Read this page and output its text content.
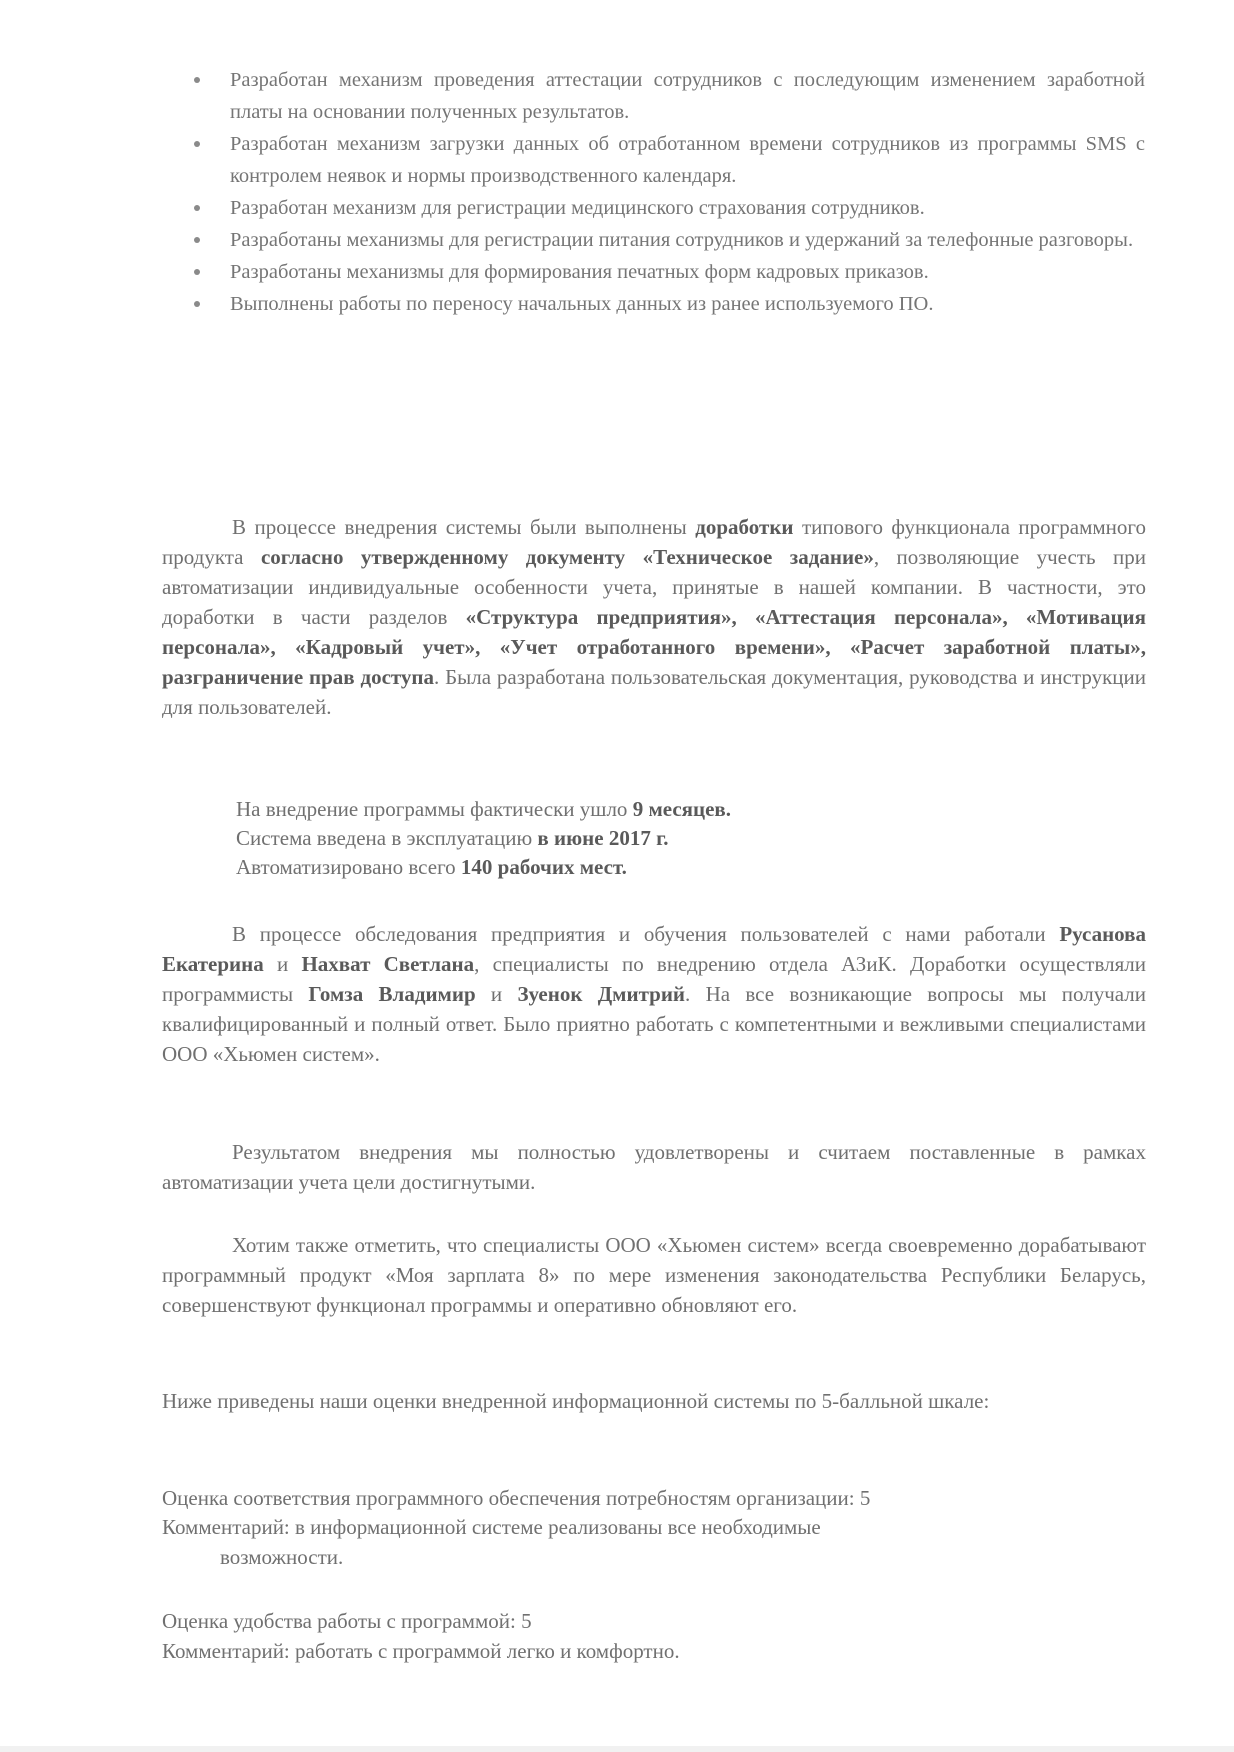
Разработан механизм проведения аттестации сотрудников с последующим изменением заработной платы на основании полученных результатов.
Разработан механизм загрузки данных об отработанном времени сотрудников из программы SMS с контролем неявок и нормы производственного календаря.
Разработан механизм для регистрации медицинского страхования сотрудников.
Разработаны механизмы для регистрации питания сотрудников и удержаний за телефонные разговоры.
Разработаны механизмы для формирования печатных форм кадровых приказов.
Выполнены работы по переносу начальных данных из ранее используемого ПО.

В процессе внедрения системы были выполнены доработки типового функционала программного продукта согласно утвержденному документу «Техническое задание», позволяющие учесть при автоматизации индивидуальные особенности учета, принятые в нашей компании. В частности, это доработки в части разделов «Структура предприятия», «Аттестация персонала», «Мотивация персонала», «Кадровый учет», «Учет отработанного времени», «Расчет заработной платы», разграничение прав доступа. Была разработана пользовательская документация, руководства и инструкции для пользователей.

На внедрение программы фактически ушло 9 месяцев.

Система введена в эксплуатацию в июне 2017 г.

Автоматизировано всего 140 рабочих мест.

В процессе обследования предприятия и обучения пользователей с нами работали Русанова Екатерина и Нахват Светлана, специалисты по внедрению отдела АЗиК. Доработки осуществляли программисты Гомза Владимир и Зуенок Дмитрий. На все возникающие вопросы мы получали квалифицированный и полный ответ. Было приятно работать с компетентными и вежливыми специалистами ООО «Хьюмен систем».

Результатом внедрения мы полностью удовлетворены и считаем поставленные в рамках автоматизации учета цели достигнутыми.

Хотим также отметить, что специалисты ООО «Хьюмен систем» всегда своевременно дорабатывают программный продукт «Моя зарплата 8» по мере изменения законодательства Республики Беларусь, совершенствуют функционал программы и оперативно обновляют его.

Ниже приведены наши оценки внедренной информационной системы по 5-балльной шкале:

Оценка соответствия программного обеспечения потребностям организации: 5

Комментарий: в информационной системе реализованы все необходимые

возможности.

Оценка удобства работы с программой: 5

Комментарий: работать с программой легко и комфортно.
